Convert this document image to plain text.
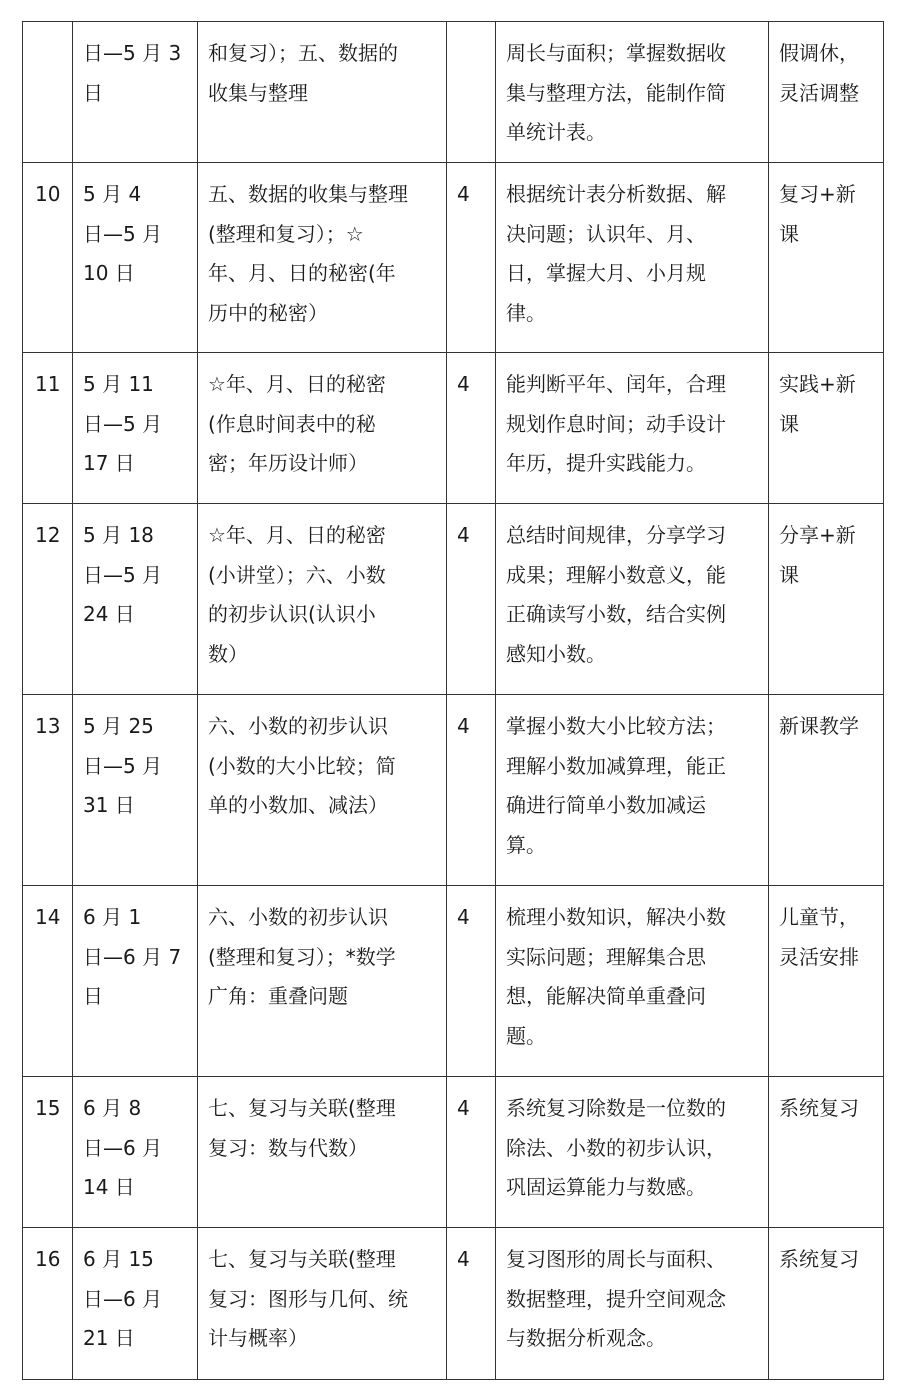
	日—5 月 3
日	和复习）；五、数据的
收集与整理		周长与面积；掌握数据收
集与整理方法，能制作简
单统计表。	假调休，
灵活调整

10	5 月 4
日—5 月
10 日	五、数据的收集与整理
(整理和复习）；☆
年、月、日的秘密(年
历中的秘密）	4	根据统计表分析数据、解
决问题；认识年、月、
日，掌握大月、小月规
律。	复习+新
课

11	5 月 11
日—5 月
17 日	☆年、月、日的秘密
(作息时间表中的秘
密；年历设计师）	4	能判断平年、闰年，合理
规划作息时间；动手设计
年历，提升实践能力。	实践+新
课

12	5 月 18
日—5 月
24 日	☆年、月、日的秘密
(小讲堂）；六、小数
的初步认识(认识小
数）	4	总结时间规律，分享学习
成果；理解小数意义，能
正确读写小数，结合实例
感知小数。	分享+新
课

13	5 月 25
日—5 月
31 日	六、小数的初步认识
(小数的大小比较；简
单的小数加、减法）	4	掌握小数大小比较方法；
理解小数加减算理，能正
确进行简单小数加减运
算。	新课教学

14	6 月 1
日—6 月 7
日	六、小数的初步认识
(整理和复习）；*数学
广角：重叠问题	4	梳理小数知识，解决小数
实际问题；理解集合思
想，能解决简单重叠问
题。	儿童节，
灵活安排

15	6 月 8
日—6 月
14 日	七、复习与关联(整理
复习：数与代数）	4	系统复习除数是一位数的
除法、小数的初步认识，
巩固运算能力与数感。	系统复习

16	6 月 15
日—6 月
21 日	七、复习与关联(整理
复习：图形与几何、统
计与概率）	4	复习图形的周长与面积、
数据整理，提升空间观念
与数据分析观念。	系统复习
